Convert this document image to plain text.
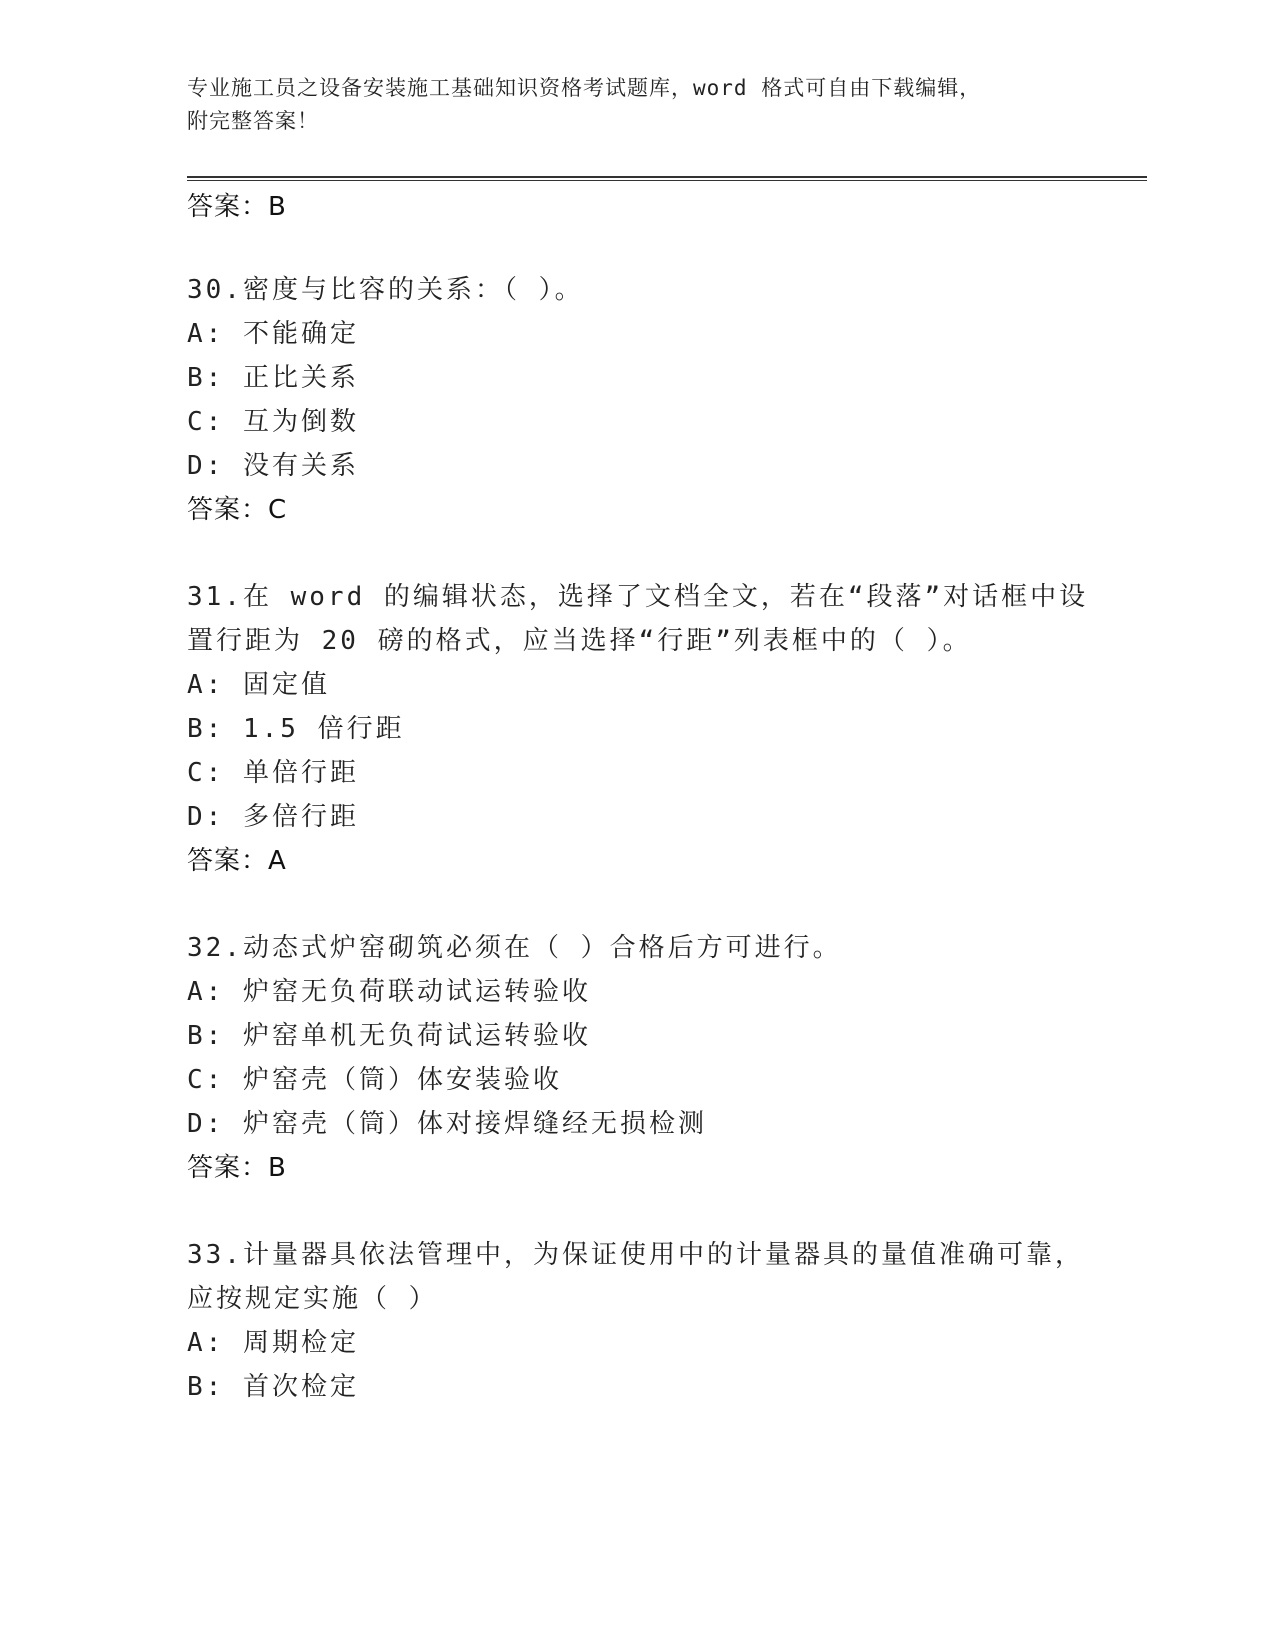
专业施工员之设备安装施工基础知识资格考试题库，word 格式可自由下载编辑，
附完整答案！
答案：B
30.密度与比容的关系：（ ）。
A: 不能确定
B: 正比关系
C: 互为倒数
D: 没有关系
答案：C
31.在 word 的编辑状态，选择了文档全文，若在“段落”对话框中设
置行距为 20 磅的格式，应当选择“行距”列表框中的（ ）。
A: 固定值
B: 1.5 倍行距
C: 单倍行距
D: 多倍行距
答案：A
32.动态式炉窑砌筑必须在（ ）合格后方可进行。
A: 炉窑无负荷联动试运转验收
B: 炉窑单机无负荷试运转验收
C: 炉窑壳（筒）体安装验收
D: 炉窑壳（筒）体对接焊缝经无损检测
答案：B
33.计量器具依法管理中，为保证使用中的计量器具的量值准确可靠，
应按规定实施（ ）
A: 周期检定
B: 首次检定
